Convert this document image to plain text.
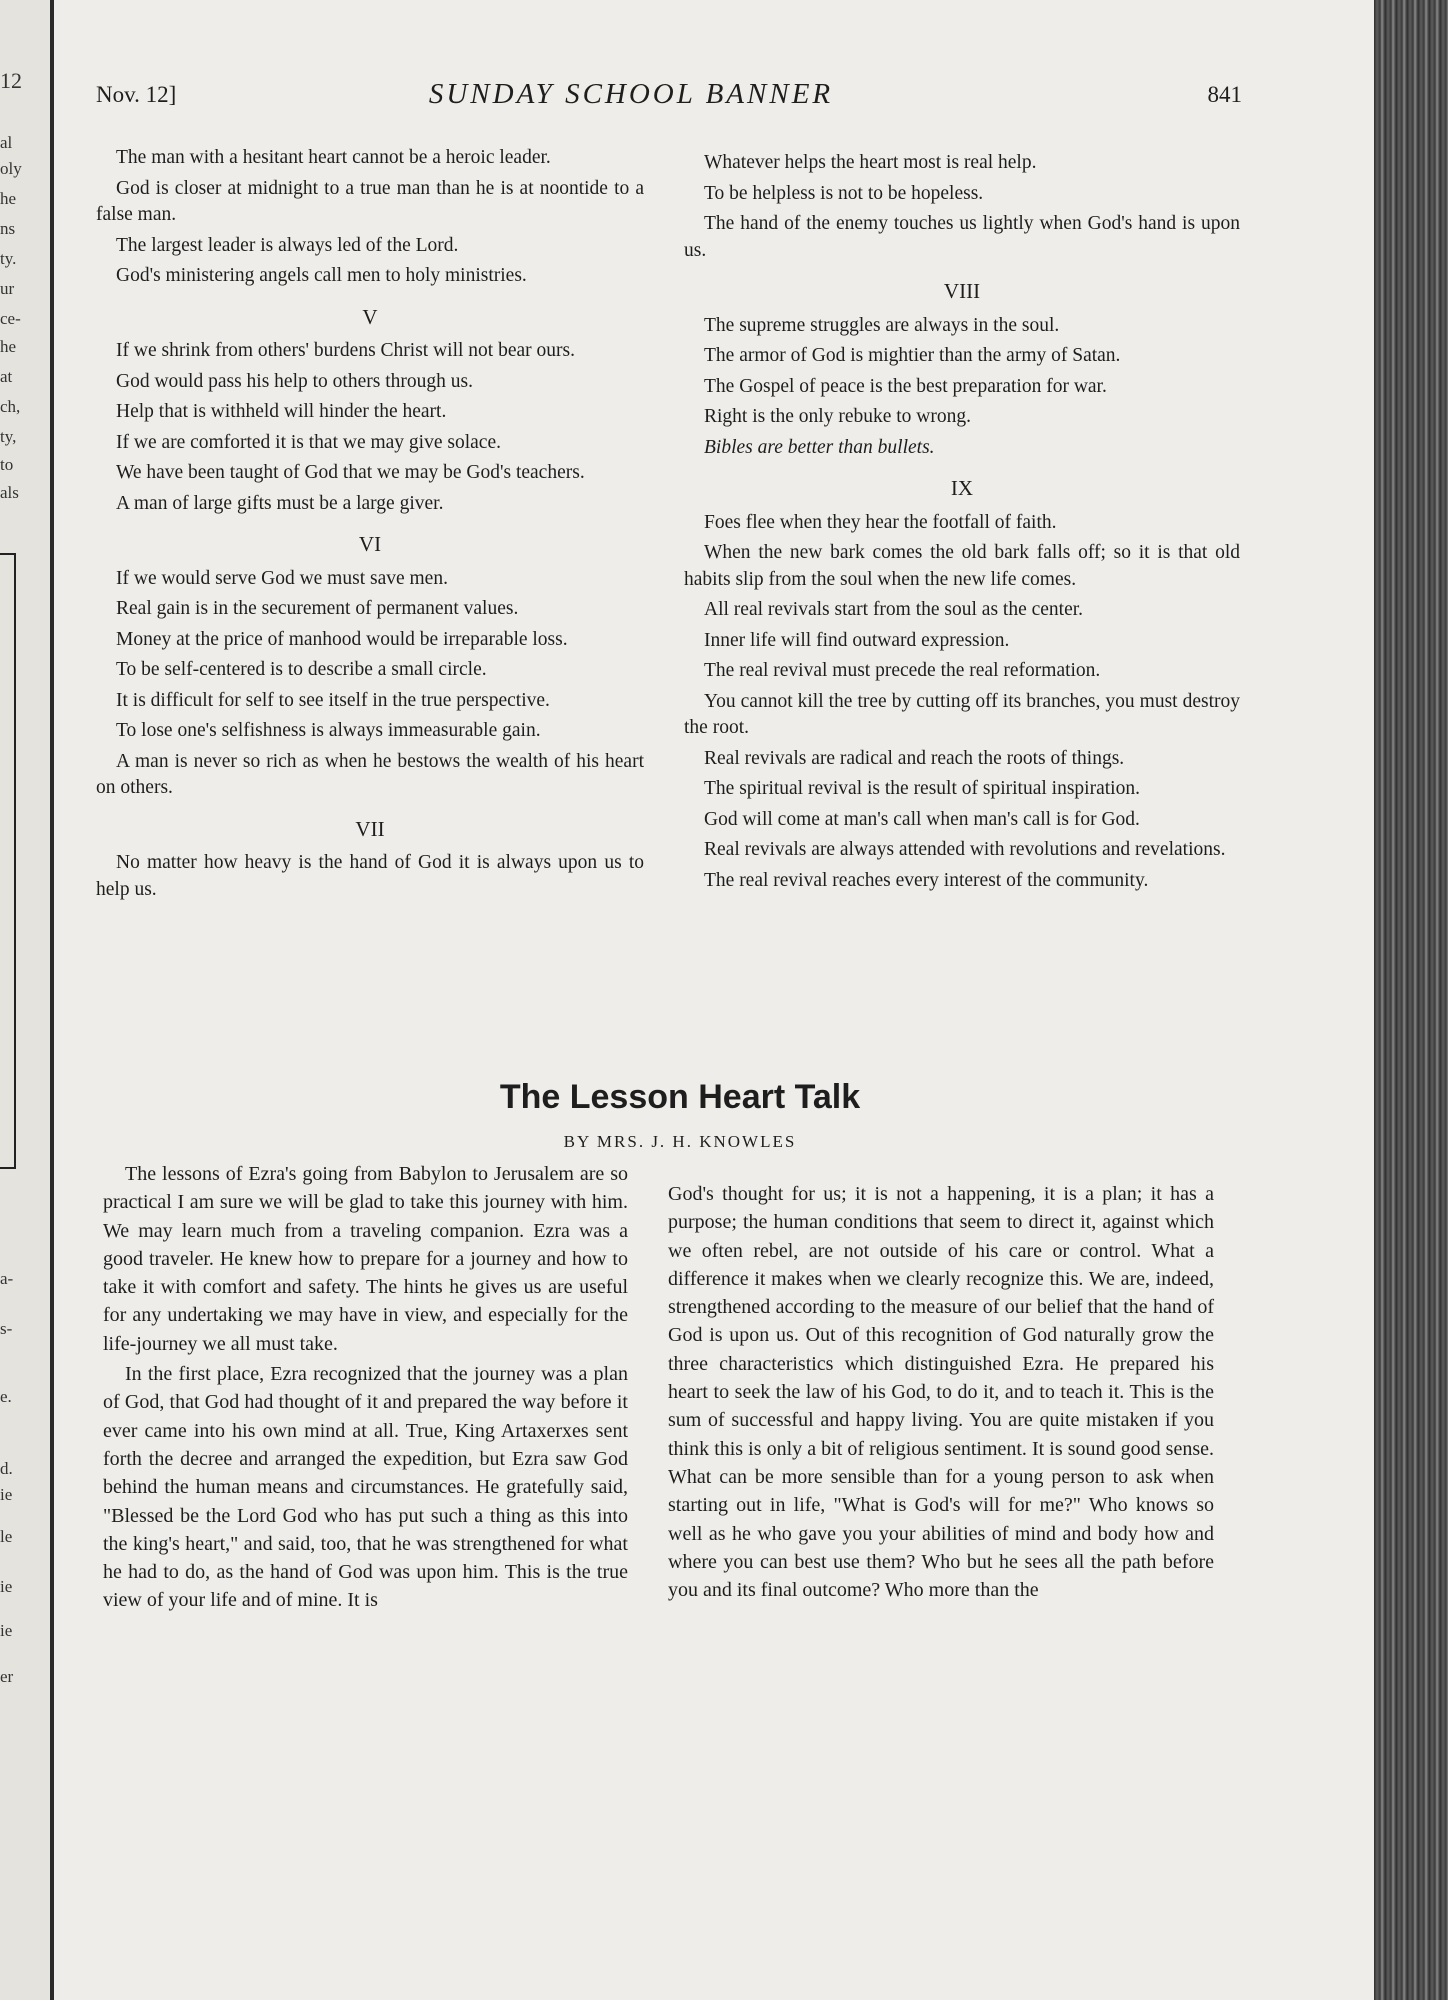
12
al
oly
he
ns
ty.
ur
ce-
he
at
ch,
ty,
to
als
a-
s-
e.
d.
ie
le
ie
ie
er
Nov. 12]	SUNDAY SCHOOL BANNER	841

The man with a hesitant heart cannot be a heroic leader.

God is closer at midnight to a true man than he is at noontide to a false man.

The largest leader is always led of the Lord.

God's ministering angels call men to holy ministries.

V

If we shrink from others' burdens Christ will not bear ours.

God would pass his help to others through us.

Help that is withheld will hinder the heart.

If we are comforted it is that we may give solace.

We have been taught of God that we may be God's teachers.

A man of large gifts must be a large giver.

VI

If we would serve God we must save men.

Real gain is in the securement of permanent values.

Money at the price of manhood would be irreparable loss.

To be self-centered is to describe a small circle.

It is difficult for self to see itself in the true perspective.

To lose one's selfishness is always immeasurable gain.

A man is never so rich as when he bestows the wealth of his heart on others.

VII

No matter how heavy is the hand of God it is always upon us to help us.

Whatever helps the heart most is real help.

To be helpless is not to be hopeless.

The hand of the enemy touches us lightly when God's hand is upon us.

VIII

The supreme struggles are always in the soul.

The armor of God is mightier than the army of Satan.

The Gospel of peace is the best preparation for war.

Right is the only rebuke to wrong.

Bibles are better than bullets.

IX

Foes flee when they hear the footfall of faith.

When the new bark comes the old bark falls off; so it is that old habits slip from the soul when the new life comes.

All real revivals start from the soul as the center.

Inner life will find outward expression.

The real revival must precede the real reformation.

You cannot kill the tree by cutting off its branches, you must destroy the root.

Real revivals are radical and reach the roots of things.

The spiritual revival is the result of spiritual inspiration.

God will come at man's call when man's call is for God.

Real revivals are always attended with revolutions and revelations.

The real revival reaches every interest of the community.

The Lesson Heart Talk
BY MRS. J. H. KNOWLES

The lessons of Ezra's going from Babylon to Jerusalem are so practical I am sure we will be glad to take this journey with him. We may learn much from a traveling companion. Ezra was a good traveler. He knew how to prepare for a journey and how to take it with comfort and safety. The hints he gives us are useful for any undertaking we may have in view, and especially for the life-journey we all must take.

In the first place, Ezra recognized that the journey was a plan of God, that God had thought of it and prepared the way before it ever came into his own mind at all. True, King Artaxerxes sent forth the decree and arranged the expedition, but Ezra saw God behind the human means and circumstances. He gratefully said, "Blessed be the Lord God who has put such a thing as this into the king's heart," and said, too, that he was strengthened for what he had to do, as the hand of God was upon him. This is the true view of your life and of mine. It is

God's thought for us; it is not a happening, it is a plan; it has a purpose; the human conditions that seem to direct it, against which we often rebel, are not outside of his care or control. What a difference it makes when we clearly recognize this. We are, indeed, strengthened according to the measure of our belief that the hand of God is upon us. Out of this recognition of God naturally grow the three characteristics which distinguished Ezra. He prepared his heart to seek the law of his God, to do it, and to teach it. This is the sum of successful and happy living. You are quite mistaken if you think this is only a bit of religious sentiment. It is sound good sense. What can be more sensible than for a young person to ask when starting out in life, "What is God's will for me?" Who knows so well as he who gave you your abilities of mind and body how and where you can best use them? Who but he sees all the path before you and its final outcome? Who more than the
